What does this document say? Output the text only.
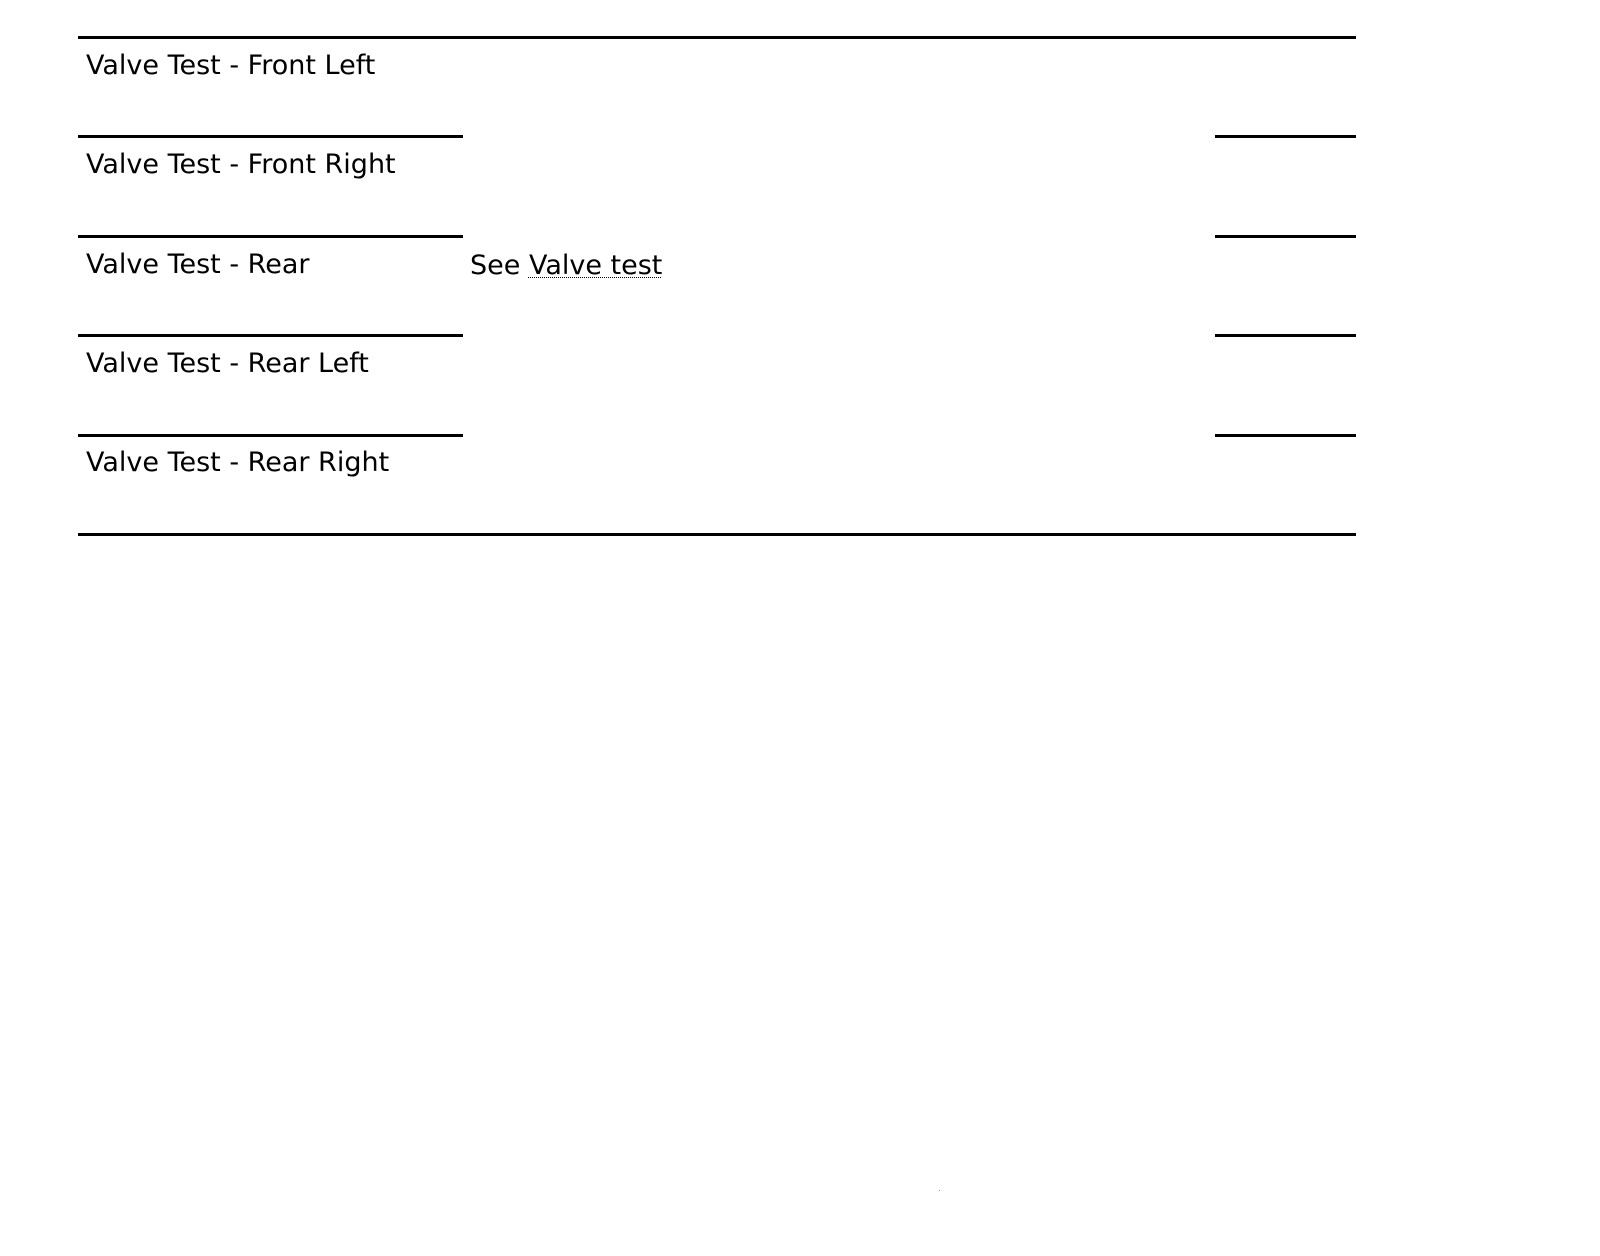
Valve Test - Front Left
Valve Test - Front Right
Valve Test - Rear	See Valve test
Valve Test - Rear Left
Valve Test - Rear Right
